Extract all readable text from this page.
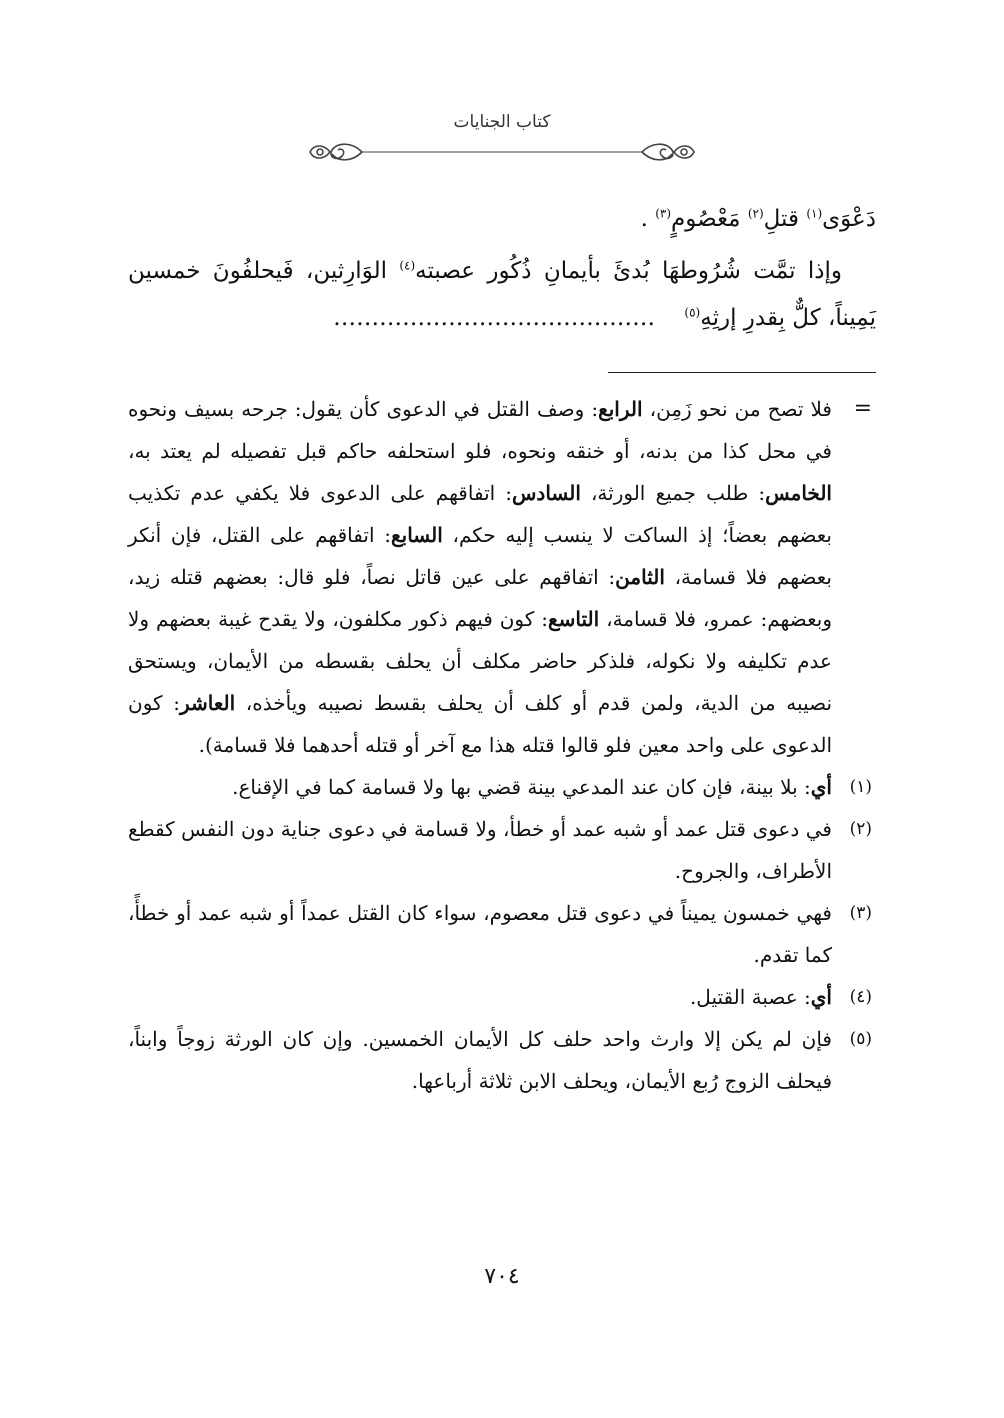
كتاب الجنايات

دَعْوَى$^{(١)}$ قتلِ$^{(٢)}$ مَعْصُومٍ$^{(٣)}$ .

وإذا تمَّت شُرُوطهَا بُدئَ بأيمانِ ذُكُور عصبته$^{(٤)}$ الوَارِثين، فَيحلفُونَ خمسين يَمِيناً، كلٌّ بِقدرِ إرثِهِ$^{(٥)}$    ……………………………………

=
فلا تصح من نحو زَمِن، الرابع: وصف القتل في الدعوى كأن يقول: جرحه بسيف ونحوه في محل كذا من بدنه، أو خنقه ونحوه، فلو استحلفه حاكم قبل تفصيله لم يعتد به، الخامس: طلب جميع الورثة، السادس: اتفاقهم على الدعوى فلا يكفي عدم تكذيب بعضهم بعضاً؛ إذ الساكت لا ينسب إليه حكم، السابع: اتفاقهم على القتل، فإن أنكر بعضهم فلا قسامة، الثامن: اتفاقهم على عين قاتل نصاً، فلو قال: بعضهم قتله زيد، وبعضهم: عمرو، فلا قسامة، التاسع: كون فيهم ذكور مكلفون، ولا يقدح غيبة بعضهم ولا عدم تكليفه ولا نكوله، فلذكر حاضر مكلف أن يحلف بقسطه من الأيمان، ويستحق نصيبه من الدية، ولمن قدم أو كلف أن يحلف بقسط نصيبه ويأخذه، العاشر: كون الدعوى على واحد معين فلو قالوا قتله هذا مع آخر أو قتله أحدهما فلا قسامة).

(١)
أي: بلا بينة، فإن كان عند المدعي بينة قضي بها ولا قسامة كما في الإقناع.

(٢)
في دعوى قتل عمد أو شبه عمد أو خطأ، ولا قسامة في دعوى جناية دون النفس كقطع الأطراف، والجروح.

(٣)
فهي خمسون يميناً في دعوى قتل معصوم، سواء كان القتل عمداً أو شبه عمد أو خطأً، كما تقدم.

(٤)
أي: عصبة القتيل.

(٥)
فإن لم يكن إلا وارث واحد حلف كل الأيمان الخمسين. وإن كان الورثة زوجاً وابناً، فيحلف الزوج رُبع الأيمان، ويحلف الابن ثلاثة أرباعها.

٧٠٤
